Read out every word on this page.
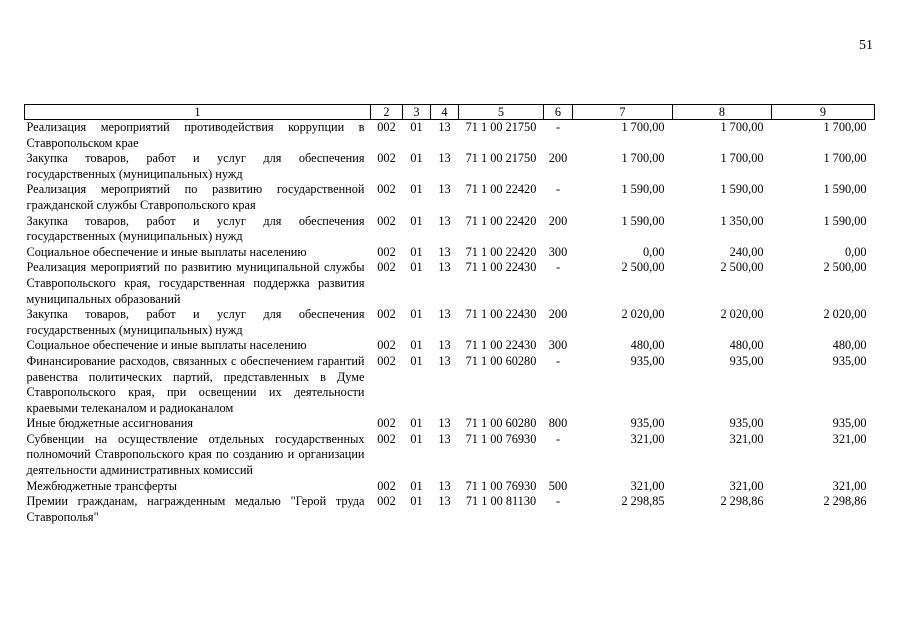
51
1	2	3	4	5	6	7	8	9
Реализация мероприятий противодействия коррупции в Ставропольском крае	002	01	13	71 1 00 21750	-	1 700,00	1 700,00	1 700,00
Закупка товаров, работ и услуг для обеспечения государственных (муниципальных) нужд	002	01	13	71 1 00 21750	200	1 700,00	1 700,00	1 700,00
Реализация мероприятий по развитию государственной гражданской службы Ставропольского края	002	01	13	71 1 00 22420	-	1 590,00	1 590,00	1 590,00
Закупка товаров, работ и услуг для обеспечения государственных (муниципальных) нужд	002	01	13	71 1 00 22420	200	1 590,00	1 350,00	1 590,00
Социальное обеспечение и иные выплаты населению	002	01	13	71 1 00 22420	300	0,00	240,00	0,00
Реализация мероприятий по развитию муниципальной службы Ставропольского края, государственная поддержка развития муниципальных образований	002	01	13	71 1 00 22430	-	2 500,00	2 500,00	2 500,00
Закупка товаров, работ и услуг для обеспечения государственных (муниципальных) нужд	002	01	13	71 1 00 22430	200	2 020,00	2 020,00	2 020,00
Социальное обеспечение и иные выплаты населению	002	01	13	71 1 00 22430	300	480,00	480,00	480,00
Финансирование расходов, связанных с обеспечением гарантий равенства политических партий, представленных в Думе Ставропольского края, при освещении их деятельности краевыми телеканалом и радиоканалом	002	01	13	71 1 00 60280	-	935,00	935,00	935,00
Иные бюджетные ассигнования	002	01	13	71 1 00 60280	800	935,00	935,00	935,00
Субвенции на осуществление отдельных государственных полномочий Ставропольского края по созданию и организации деятельности административных комиссий	002	01	13	71 1 00 76930	-	321,00	321,00	321,00
Межбюджетные трансферты	002	01	13	71 1 00 76930	500	321,00	321,00	321,00
Премии гражданам, награжденным медалью "Герой труда Ставрополья"	002	01	13	71 1 00 81130	-	2 298,85	2 298,86	2 298,86
